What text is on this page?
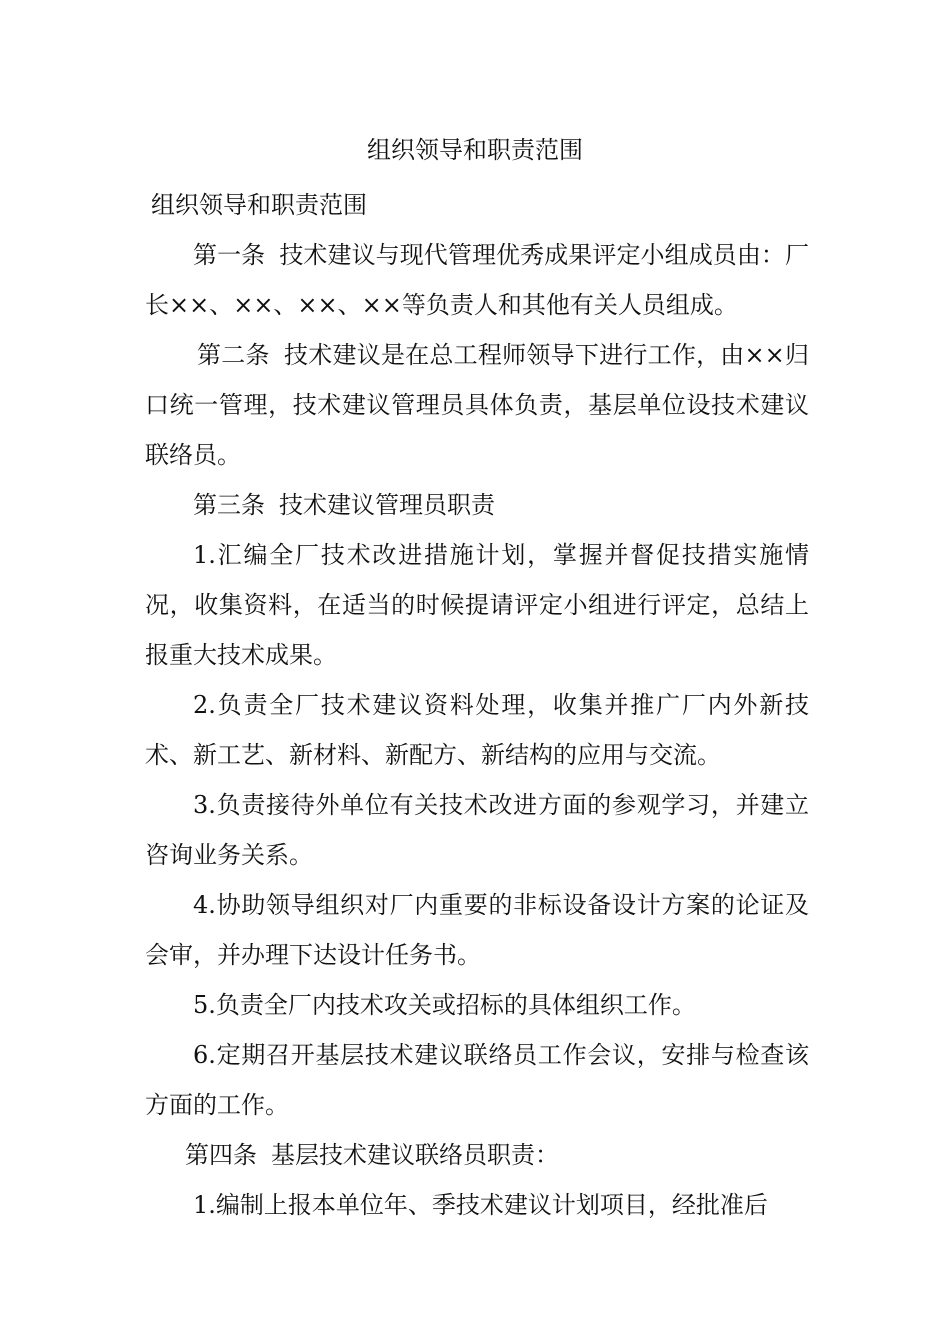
组织领导和职责范围

组织领导和职责范围

第一条 技术建议与现代管理优秀成果评定小组成员由：厂长××、××、××、××等负责人和其他有关人员组成。

第二条 技术建议是在总工程师领导下进行工作，由××归口统一管理，技术建议管理员具体负责，基层单位设技术建议联络员。

第三条 技术建议管理员职责

1.汇编全厂技术改进措施计划，掌握并督促技措实施情况，收集资料，在适当的时候提请评定小组进行评定，总结上报重大技术成果。

2.负责全厂技术建议资料处理，收集并推广厂内外新技术、新工艺、新材料、新配方、新结构的应用与交流。

3.负责接待外单位有关技术改进方面的参观学习，并建立咨询业务关系。

4.协助领导组织对厂内重要的非标设备设计方案的论证及会审，并办理下达设计任务书。

5.负责全厂内技术攻关或招标的具体组织工作。

6.定期召开基层技术建议联络员工作会议，安排与检查该方面的工作。

第四条 基层技术建议联络员职责：

1.编制上报本单位年、季技术建议计划项目，经批准后
